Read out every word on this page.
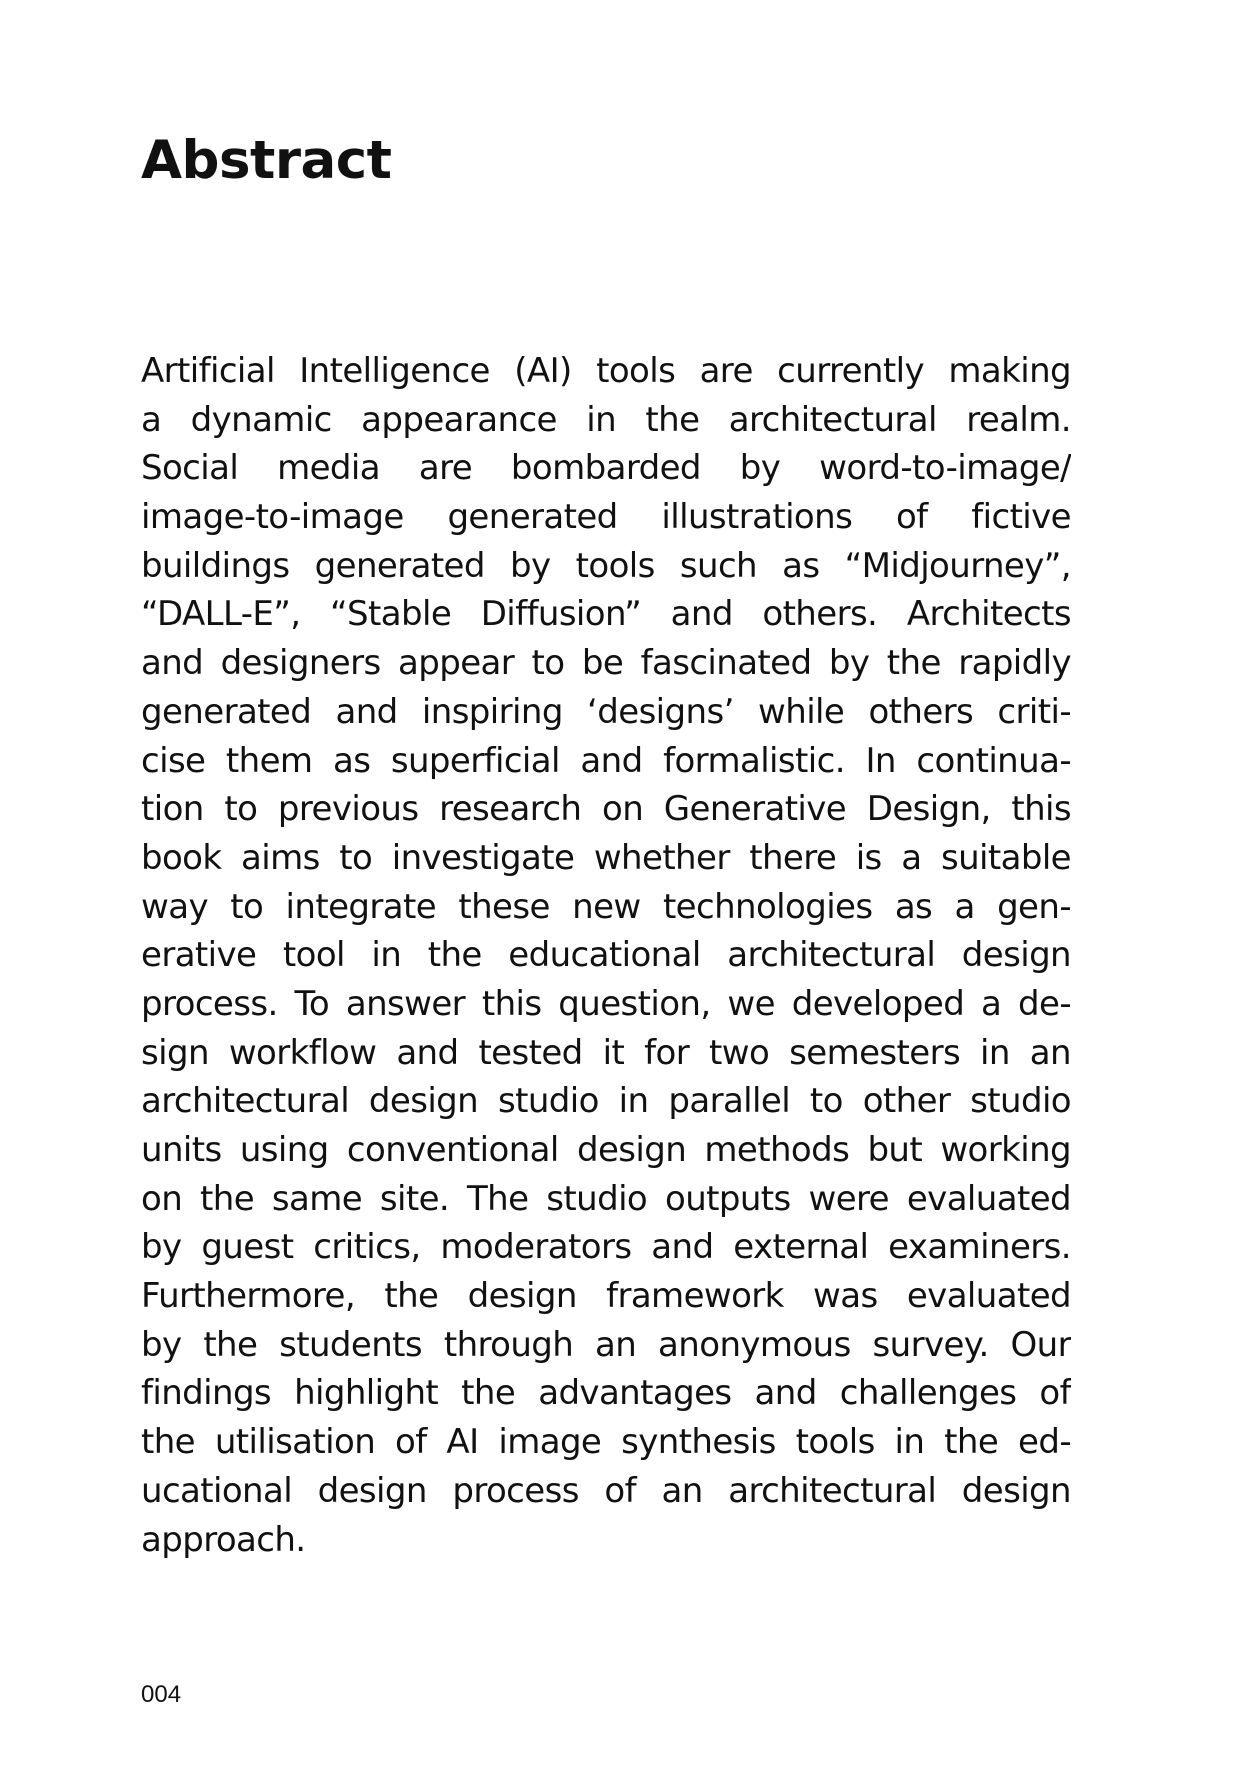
Abstract
Artificial Intelligence (AI) tools are currently making
a dynamic appearance in the architectural realm.
Social media are bombarded by word-to-image/
image-to-image generated illustrations of fictive
buildings generated by tools such as “Midjourney”,
“DALL-E”, “Stable Diffusion” and others. Architects
and designers appear to be fascinated by the rapidly
generated and inspiring ‘designs’ while others criti-
cise them as superficial and formalistic. In continua-
tion to previous research on Generative Design, this
book aims to investigate whether there is a suitable
way to integrate these new technologies as a gen-
erative tool in the educational architectural design
process. To answer this question, we developed a de-
sign workflow and tested it for two semesters in an
architectural design studio in parallel to other studio
units using conventional design methods but working
on the same site. The studio outputs were evaluated
by guest critics, moderators and external examiners.
Furthermore, the design framework was evaluated
by the students through an anonymous survey. Our
findings highlight the advantages and challenges of
the utilisation of AI image synthesis tools in the ed-
ucational design process of an architectural design
approach.
004
